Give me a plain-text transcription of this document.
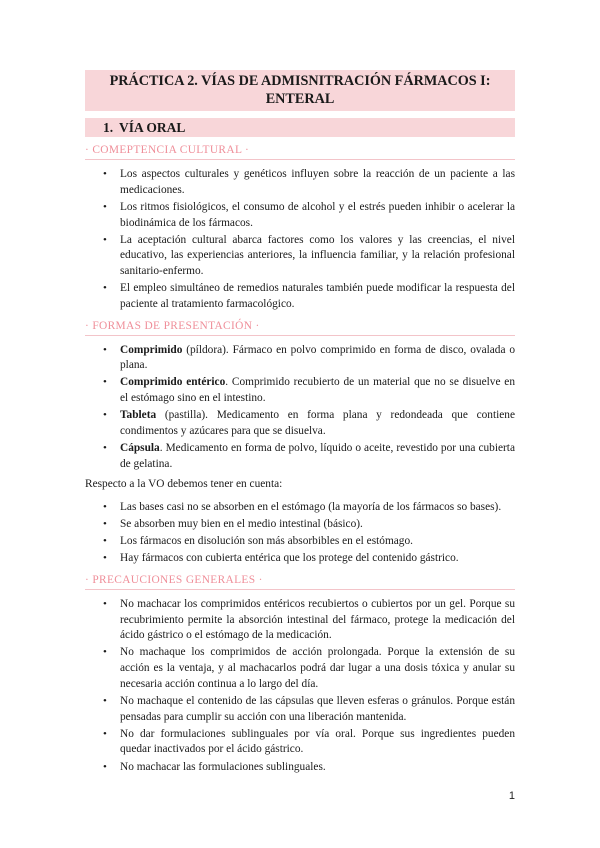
PRÁCTICA 2. VÍAS DE ADMISNITRACIÓN FÁRMACOS I:
ENTERAL
1. VÍA ORAL
· COMEPTENCIA CULTURAL ·
• Los aspectos culturales y genéticos influyen sobre la reacción de un paciente a las medicaciones.
• Los ritmos fisiológicos, el consumo de alcohol y el estrés pueden inhibir o acelerar la biodinámica de los fármacos.
• La aceptación cultural abarca factores como los valores y las creencias, el nivel educativo, las experiencias anteriores, la influencia familiar, y la relación profesional sanitario-enfermo.
• El empleo simultáneo de remedios naturales también puede modificar la respuesta del paciente al tratamiento farmacológico.
· FORMAS DE PRESENTACIÓN ·
• Comprimido (píldora). Fármaco en polvo comprimido en forma de disco, ovalada o plana.
• Comprimido entérico. Comprimido recubierto de un material que no se disuelve en el estómago sino en el intestino.
• Tableta (pastilla). Medicamento en forma plana y redondeada que contiene condimentos y azúcares para que se disuelva.
• Cápsula. Medicamento en forma de polvo, líquido o aceite, revestido por una cubierta de gelatina.
Respecto a la VO debemos tener en cuenta:
• Las bases casi no se absorben en el estómago (la mayoría de los fármacos so bases).
• Se absorben muy bien en el medio intestinal (básico).
• Los fármacos en disolución son más absorbibles en el estómago.
• Hay fármacos con cubierta entérica que los protege del contenido gástrico.
· PRECAUCIONES GENERALES ·
• No machacar los comprimidos entéricos recubiertos o cubiertos por un gel. Porque su recubrimiento permite la absorción intestinal del fármaco, protege la medicación del ácido gástrico o el estómago de la medicación.
• No machaque los comprimidos de acción prolongada. Porque la extensión de su acción es la ventaja, y al machacarlos podrá dar lugar a una dosis tóxica y anular su necesaria acción continua a lo largo del día.
• No machaque el contenido de las cápsulas que lleven esferas o gránulos. Porque están pensadas para cumplir su acción con una liberación mantenida.
• No dar formulaciones sublinguales por vía oral. Porque sus ingredientes pueden quedar inactivados por el ácido gástrico.
• No machacar las formulaciones sublinguales.
1
